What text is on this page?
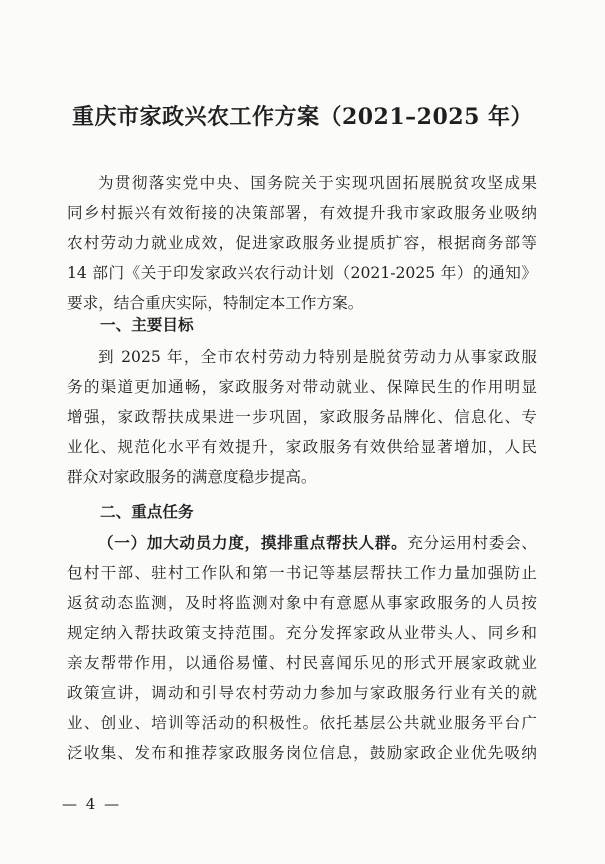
重庆市家政兴农工作方案（2021–2025 年）
为贯彻落实党中央、国务院关于实现巩固拓展脱贫攻坚成果
同乡村振兴有效衔接的决策部署，有效提升我市家政服务业吸纳
农村劳动力就业成效，促进家政服务业提质扩容，根据商务部等
14 部门《关于印发家政兴农行动计划（2021-2025 年）的通知》
要求，结合重庆实际，特制定本工作方案。
一、主要目标
到 2025 年，全市农村劳动力特别是脱贫劳动力从事家政服
务的渠道更加通畅，家政服务对带动就业、保障民生的作用明显
增强，家政帮扶成果进一步巩固，家政服务品牌化、信息化、专
业化、规范化水平有效提升，家政服务有效供给显著增加，人民
群众对家政服务的满意度稳步提高。
二、重点任务
（一）加大动员力度，摸排重点帮扶人群。充分运用村委会、
包村干部、驻村工作队和第一书记等基层帮扶工作力量加强防止
返贫动态监测，及时将监测对象中有意愿从事家政服务的人员按
规定纳入帮扶政策支持范围。充分发挥家政从业带头人、同乡和
亲友帮带作用，以通俗易懂、村民喜闻乐见的形式开展家政就业
政策宣讲，调动和引导农村劳动力参加与家政服务行业有关的就
业、创业、培训等活动的积极性。依托基层公共就业服务平台广
泛收集、发布和推荐家政服务岗位信息，鼓励家政企业优先吸纳
— 4 —
